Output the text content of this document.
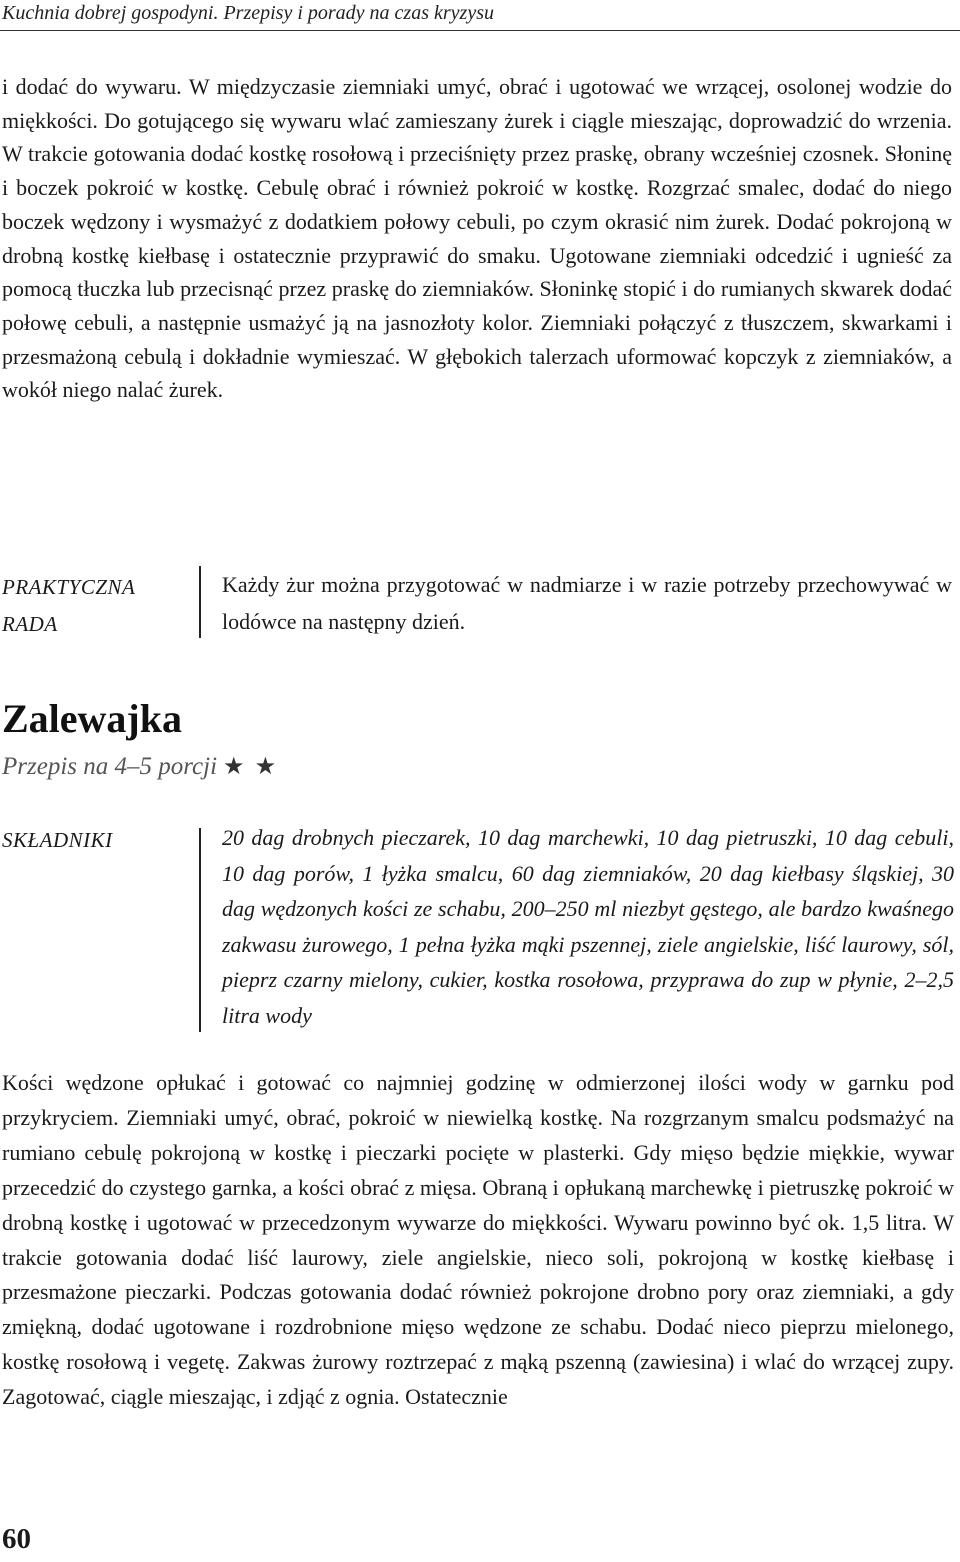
Kuchnia dobrej gospodyni. Przepisy i porady na czas kryzysu

i dodać do wywaru. W międzyczasie ziemniaki umyć, obrać i ugotować we wrzącej, osolonej wodzie do miękkości. Do gotującego się wywaru wlać zamieszany żurek i ciągle mieszając, doprowadzić do wrzenia. W trakcie gotowania dodać kostkę rosołową i przeciśnięty przez praskę, obrany wcześniej czosnek. Słoninę i boczek pokroić w kostkę. Cebulę obrać i również pokroić w kostkę. Rozgrzać smalec, dodać do niego boczek wędzony i wysmażyć z dodatkiem połowy cebuli, po czym okrasić nim żurek. Dodać pokrojoną w drobną kostkę kiełbasę i ostatecznie przyprawić do smaku. Ugotowane ziemniaki odcedzić i ugnieść za pomocą tłuczka lub przecisnąć przez praskę do ziemniaków. Słoninkę stopić i do rumianych skwarek dodać połowę cebuli, a następnie usmażyć ją na jasnozłoty kolor. Ziemniaki połączyć z tłuszczem, skwarkami i przesmażoną cebulą i dokładnie wymieszać. W głębokich talerzach uformować kopczyk z ziemniaków, a wokół niego nalać żurek.

PRAKTYCZNA
RADA

Każdy żur można przygotować w nadmiarze i w razie potrzeby przechowywać w lodówce na następny dzień.

Zalewajka
Przepis na 4–5 porcji ★ ★
SKŁADNIKI	20 dag drobnych pieczarek, 10 dag marchewki, 10 dag pietruszki, 10 dag cebuli, 10 dag porów, 1 łyżka smalcu, 60 dag ziemniaków, 20 dag kiełbasy śląskiej, 30 dag wędzonych kości ze schabu, 200–250 ml niezbyt gęstego, ale bardzo kwaśnego zakwasu żurowego, 1 pełna łyżka mąki pszennej, ziele angielskie, liść laurowy, sól, pieprz czarny mielony, cukier, kostka rosołowa, przyprawa do zup w płynie, 2–2,5 litra wody

Kości wędzone opłukać i gotować co najmniej godzinę w odmierzonej ilości wody w garnku pod przykryciem. Ziemniaki umyć, obrać, pokroić w niewielką kostkę. Na rozgrzanym smalcu podsmażyć na rumiano cebulę pokrojoną w kostkę i pieczarki pocięte w plasterki. Gdy mięso będzie miękkie, wywar przecedzić do czystego garnka, a kości obrać z mięsa. Obraną i opłukaną marchewkę i pietruszkę pokroić w drobną kostkę i ugotować w przecedzonym wywarze do miękkości. Wywaru powinno być ok. 1,5 litra. W trakcie gotowania dodać liść laurowy, ziele angielskie, nieco soli, pokrojoną w kostkę kiełbasę i przesmażone pieczarki. Podczas gotowania dodać również pokrojone drobno pory oraz ziemniaki, a gdy zmiękną, dodać ugotowane i rozdrobnione mięso wędzone ze schabu. Dodać nieco pieprzu mielonego, kostkę rosołową i vegetę. Zakwas żurowy roztrzepać z mąką pszenną (zawiesina) i wlać do wrzącej zupy. Zagotować, ciągle mieszając, i zdjąć z ognia. Ostatecznie

60
